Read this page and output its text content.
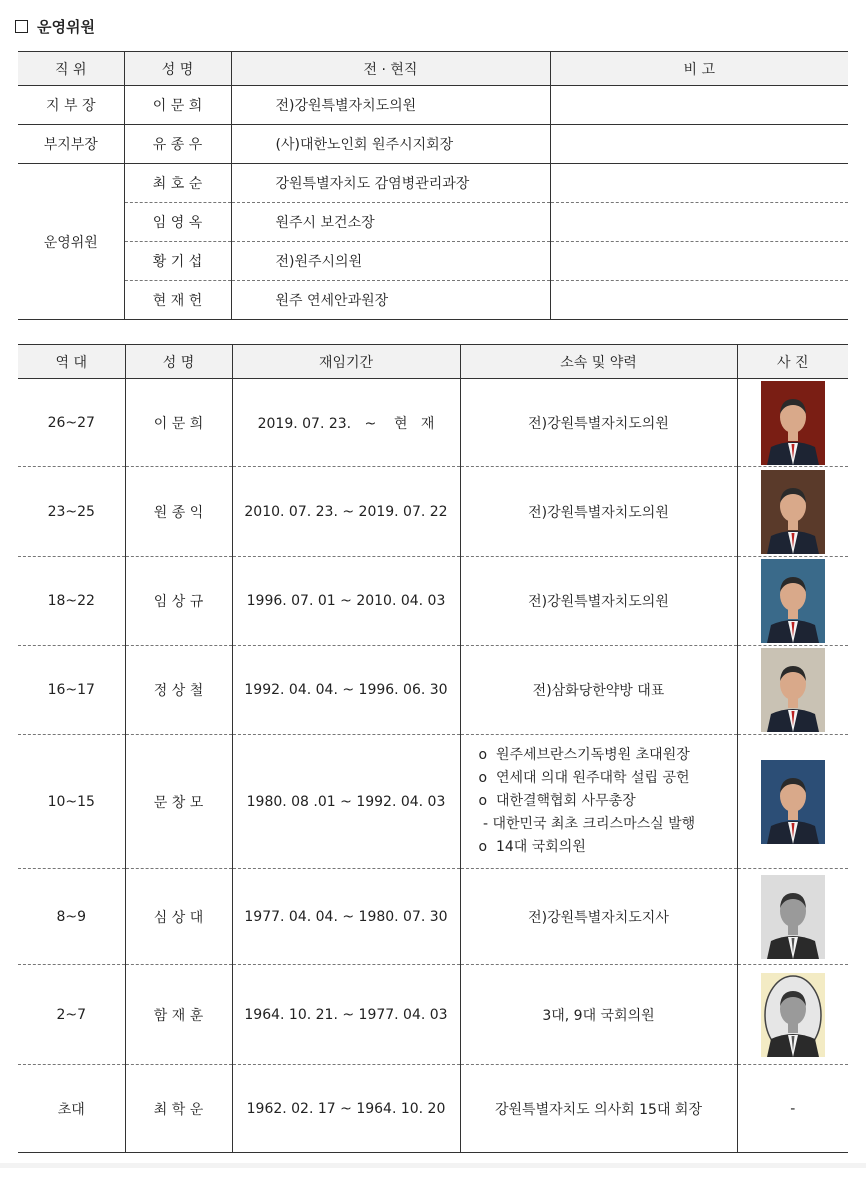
운영위원
직 위	성 명	전 · 현직	비 고
지 부 장	이 문 희	전)강원특별자치도의원	
부지부장	유 종 우	(사)대한노인회 원주시지회장	
운영위원	최 호 순	강원특별자치도 감염병관리과장	
	임 영 옥	원주시 보건소장	
	황 기 섭	전)원주시의원	
	현 재 헌	원주 연세안과원장	
역 대	성 명	재임기간	소속 및 약력	사 진
26~27	이 문 희	2019. 07. 23.   ~    현   재	전)강원특별자치도의원	

23~25	원 종 익	2010. 07. 23. ~ 2019. 07. 22	전)강원특별자치도의원	

18~22	임 상 규	1996. 07. 01 ~ 2010. 04. 03	전)강원특별자치도의원	

16~17	정 상 철	1992. 04. 04. ~ 1996. 06. 30	전)삼화당한약방 대표	

10~15	문 창 모	1980. 08 .01 ~ 1992. 04. 03	o  원주세브란스기독병원 초대원장
o  연세대 의대 원주대학 설립 공헌
o  대한결핵협회 사무총장
- 대한민국 최초 크리스마스실 발행
o  14대 국회의원

8~9	심 상 대	1977. 04. 04. ~ 1980. 07. 30	전)강원특별자치도지사	

2~7	함 재 훈	1964. 10. 21. ~ 1977. 04. 03	3대, 9대 국회의원	

초대	최 학 운	1962. 02. 17 ~ 1964. 10. 20	강원특별자치도 의사회 15대 회장	-
